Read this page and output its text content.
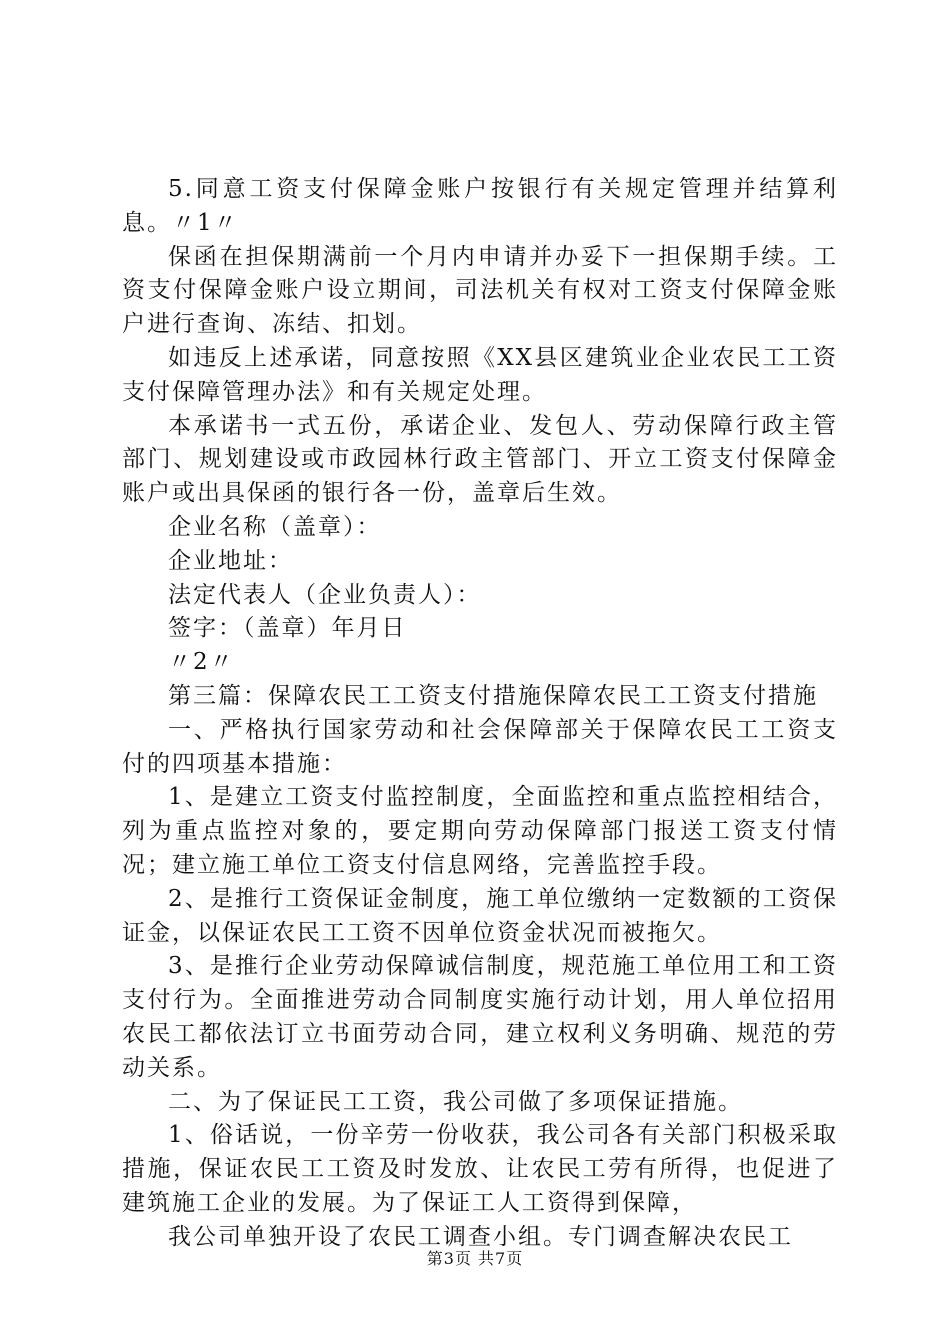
5.同意工资支付保障金账户按银行有关规定管理并结算利息。〃1〃

保函在担保期满前一个月内申请并办妥下一担保期手续。工资支付保障金账户设立期间，司法机关有权对工资支付保障金账户进行查询、冻结、扣划。

如违反上述承诺，同意按照《XX县区建筑业企业农民工工资支付保障管理办法》和有关规定处理。

本承诺书一式五份，承诺企业、发包人、劳动保障行政主管部门、规划建设或市政园林行政主管部门、开立工资支付保障金账户或出具保函的银行各一份，盖章后生效。

企业名称（盖章）：

企业地址：

法定代表人（企业负责人）：

签字：（盖章）年月日

〃2〃

第三篇：保障农民工工资支付措施保障农民工工资支付措施

一、严格执行国家劳动和社会保障部关于保障农民工工资支付的四项基本措施：

1、是建立工资支付监控制度，全面监控和重点监控相结合，列为重点监控对象的，要定期向劳动保障部门报送工资支付情况；建立施工单位工资支付信息网络，完善监控手段。

2、是推行工资保证金制度，施工单位缴纳一定数额的工资保证金，以保证农民工工资不因单位资金状况而被拖欠。

3、是推行企业劳动保障诚信制度，规范施工单位用工和工资支付行为。全面推进劳动合同制度实施行动计划，用人单位招用农民工都依法订立书面劳动合同，建立权利义务明确、规范的劳动关系。

二、为了保证民工工资，我公司做了多项保证措施。

1、俗话说，一份辛劳一份收获，我公司各有关部门积极采取措施，保证农民工工资及时发放、让农民工劳有所得，也促进了建筑施工企业的发展。为了保证工人工资得到保障，

我公司单独开设了农民工调查小组。专门调查解决农民工

第3页 共7页
